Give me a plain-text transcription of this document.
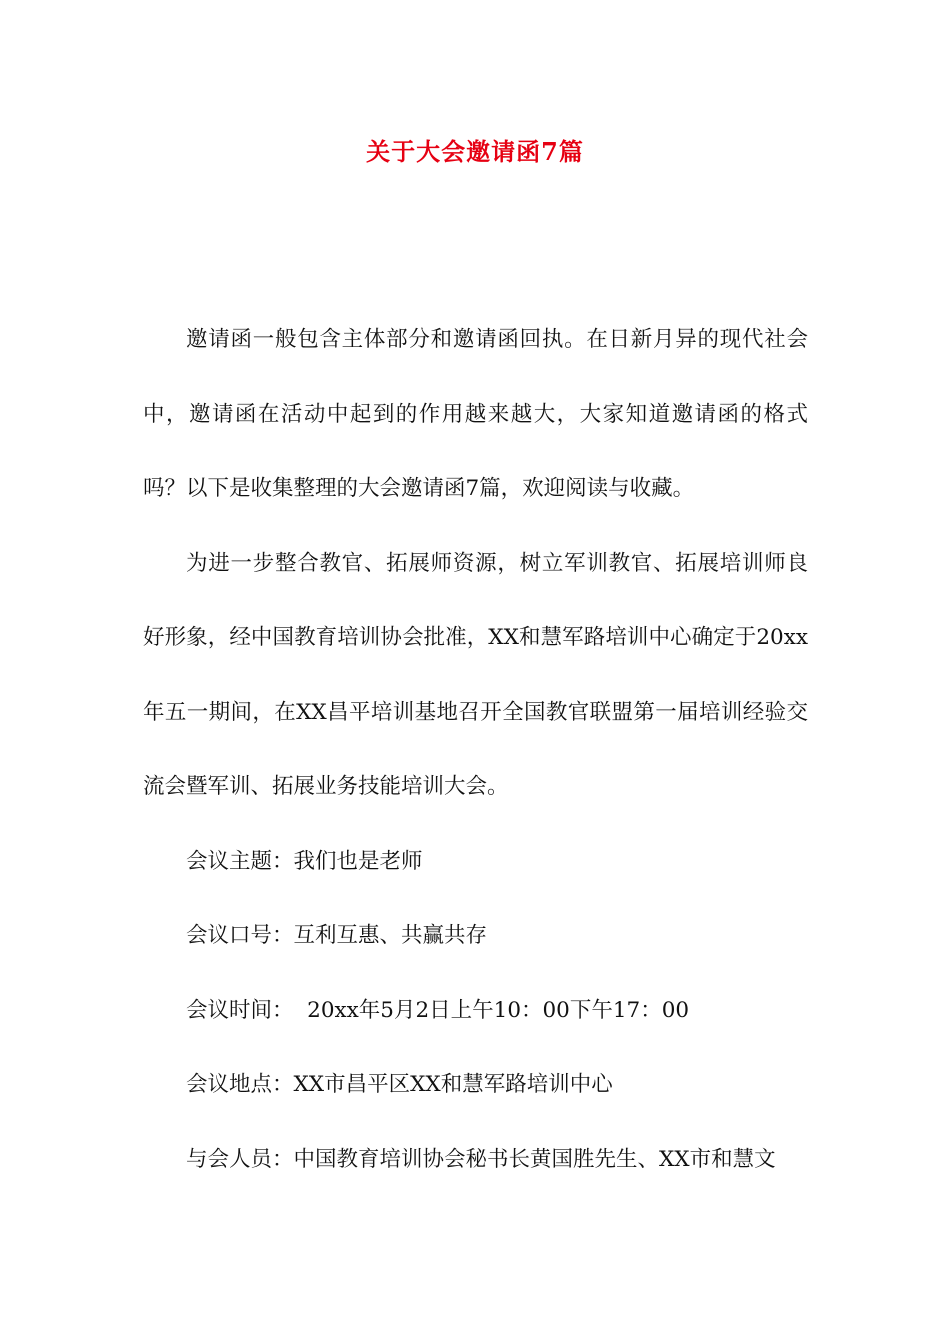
关于大会邀请函7篇

邀请函一般包含主体部分和邀请函回执。在日新月异的现代社会中，邀请函在活动中起到的作用越来越大，大家知道邀请函的格式吗？以下是收集整理的大会邀请函7篇，欢迎阅读与收藏。

为进一步整合教官、拓展师资源，树立军训教官、拓展培训师良好形象，经中国教育培训协会批准，XX和慧军路培训中心确定于20xx年五一期间，在XX昌平培训基地召开全国教官联盟第一届培训经验交流会暨军训、拓展业务技能培训大会。

会议主题：我们也是老师

会议口号：互利互惠、共赢共存

会议时间：  20xx年5月2日上午10：00下午17：00

会议地点：XX市昌平区XX和慧军路培训中心

与会人员：中国教育培训协会秘书长黄国胜先生、XX市和慧文
